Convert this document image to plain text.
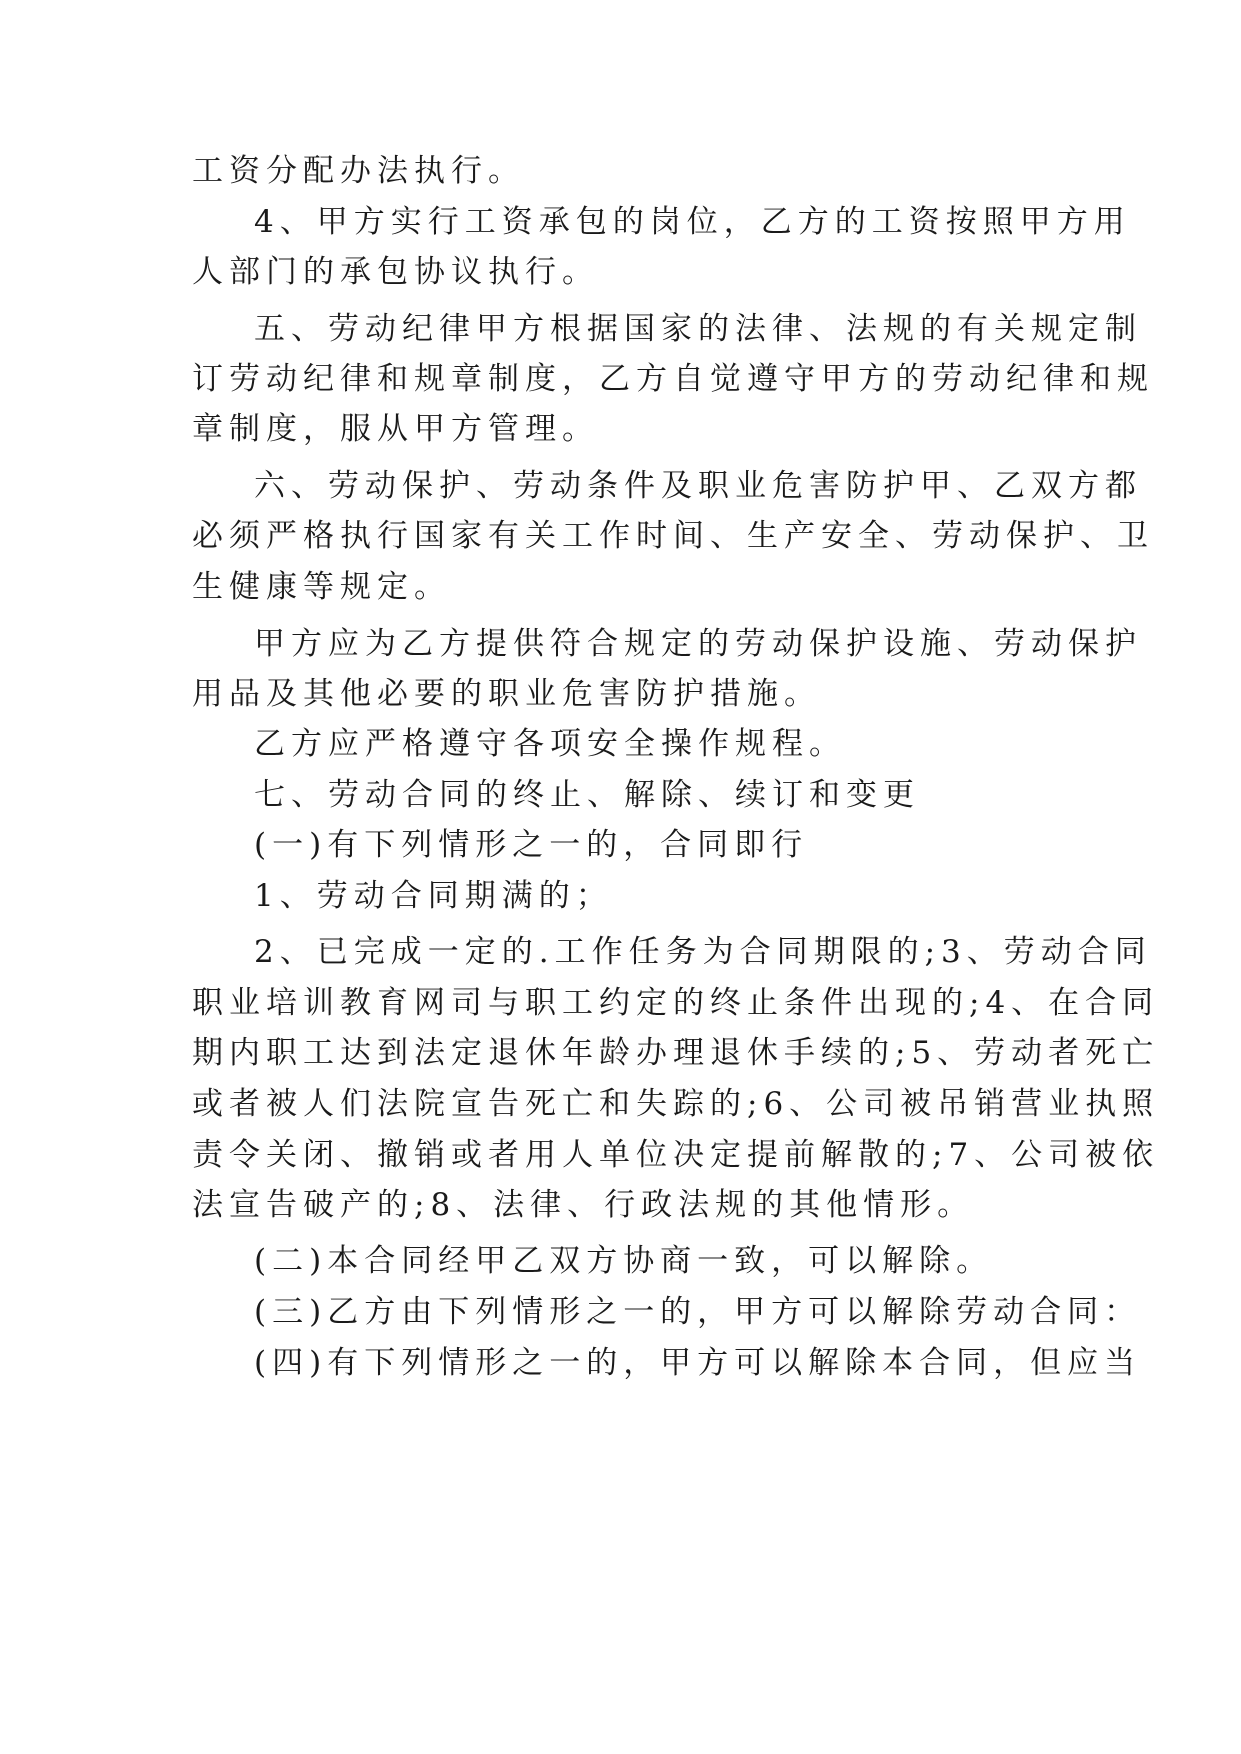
工资分配办法执行。
4、甲方实行工资承包的岗位，乙方的工资按照甲方用
人部门的承包协议执行。
五、劳动纪律甲方根据国家的法律、法规的有关规定制
订劳动纪律和规章制度，乙方自觉遵守甲方的劳动纪律和规
章制度，服从甲方管理。
六、劳动保护、劳动条件及职业危害防护甲、乙双方都
必须严格执行国家有关工作时间、生产安全、劳动保护、卫
生健康等规定。
甲方应为乙方提供符合规定的劳动保护设施、劳动保护
用品及其他必要的职业危害防护措施。
乙方应严格遵守各项安全操作规程。
七、劳动合同的终止、解除、续订和变更
(一)有下列情形之一的，合同即行
1、劳动合同期满的；
2、已完成一定的.工作任务为合同期限的;3、劳动合同
职业培训教育网司与职工约定的终止条件出现的;4、在合同
期内职工达到法定退休年龄办理退休手续的;5、劳动者死亡
或者被人们法院宣告死亡和失踪的;6、公司被吊销营业执照
责令关闭、撤销或者用人单位决定提前解散的;7、公司被依
法宣告破产的;8、法律、行政法规的其他情形。
(二)本合同经甲乙双方协商一致，可以解除。
(三)乙方由下列情形之一的，甲方可以解除劳动合同：
(四)有下列情形之一的，甲方可以解除本合同，但应当
